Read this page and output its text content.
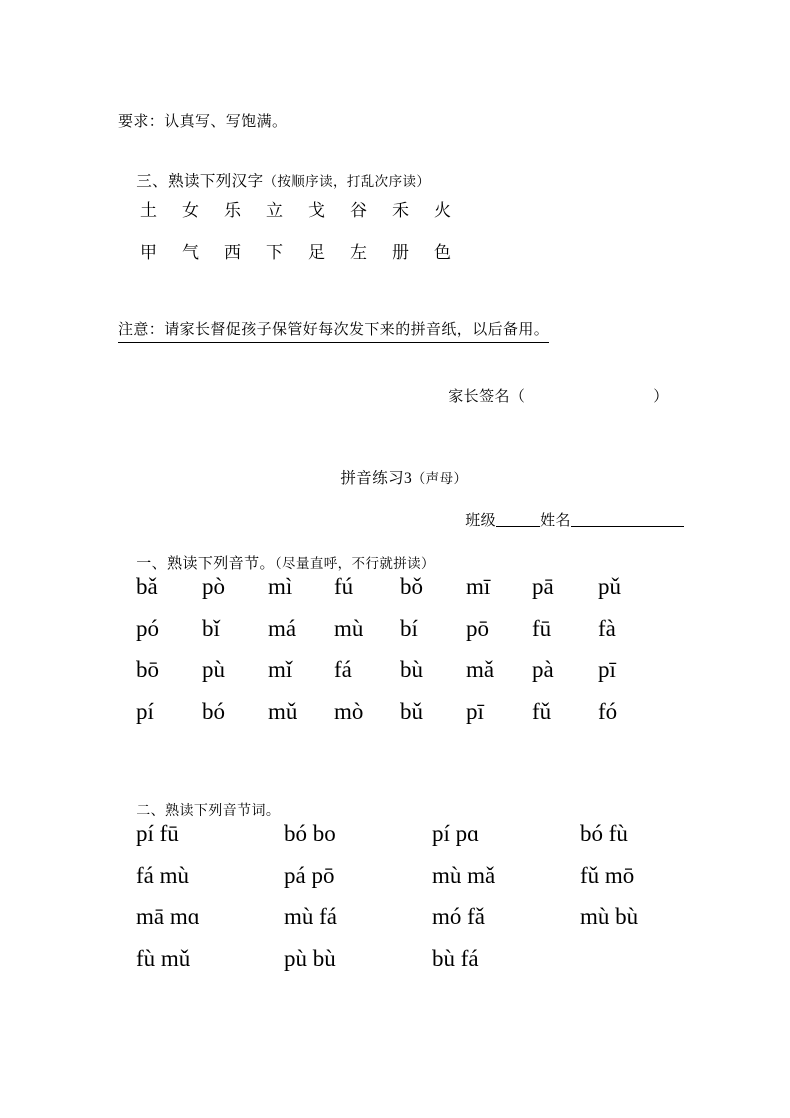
要求：认真写、写饱满。

三、熟读下列汉字（按顺序读，打乱次序读）

土	女	乐	立	戈	谷	禾	火
甲	气	西	下	足	左	册	色
注意：请家长督促孩子保管好每次发下来的拼音纸，以后备用。

家长签名（	）

拼音练习3（声母）

班级	姓名

一、熟读下列音节。（尽量直呼，不行就拼读）

bǎ	pò	mì	fú	bǒ	mī	pā	pǔ
pó	bǐ	má	mù	bí	pō	fū	fà
bō	pù	mǐ	fá	bù	mǎ	pà	pī
pí	bó	mǔ	mò	bǔ	pī	fǔ	fó

二、熟读下列音节词。

pí fū	bó bo	pí pɑ	bó fù
fá mù	pá pō	mù mǎ	fǔ mō
mā mɑ	mù fá	mó fǎ	mù bù
fù mǔ	pù bù	bù fá
